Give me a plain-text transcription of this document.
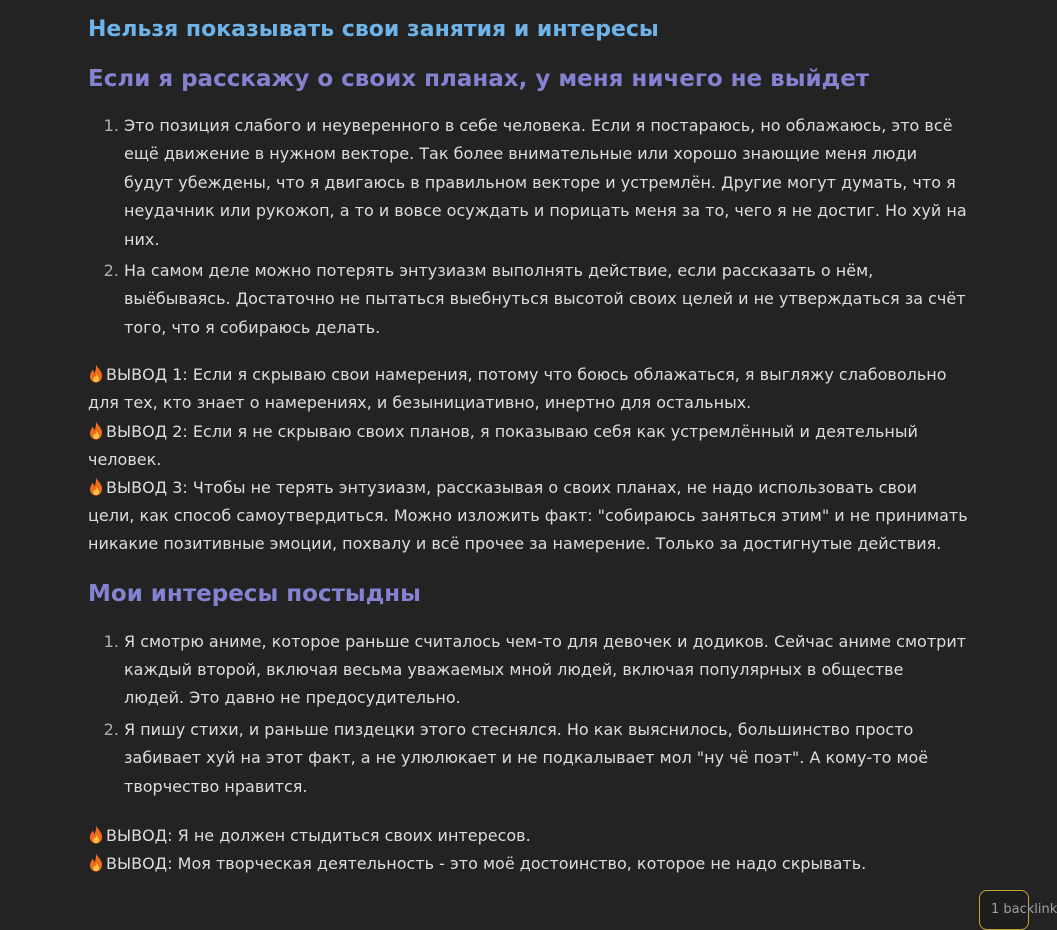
Нельзя показывать свои занятия и интересы
Если я расскажу о своих планах, у меня ничего не выйдет
1. Это позиция слабого и неуверенного в себе человека. Если я постараюсь, но облажаюсь, это всё ещё движение в нужном векторе. Так более внимательные или хорошо знающие меня люди будут убеждены, что я двигаюсь в правильном векторе и устремлён. Другие могут думать, что я неудачник или рукожоп, а то и вовсе осуждать и порицать меня за то, чего я не достиг. Но хуй на них.
2. На самом деле можно потерять энтузиазм выполнять действие, если рассказать о нём, выёбываясь. Достаточно не пытаться выебнуться высотой своих целей и не утверждаться за счёт того, что я собираюсь делать.
ВЫВОД 1: Если я скрываю свои намерения, потому что боюсь облажаться, я выгляжу слабовольно для тех, кто знает о намерениях, и безынициативно, инертно для остальных.
ВЫВОД 2: Если я не скрываю своих планов, я показываю себя как устремлённый и деятельный человек.
ВЫВОД 3: Чтобы не терять энтузиазм, рассказывая о своих планах, не надо использовать свои цели, как способ самоутвердиться. Можно изложить факт: "собираюсь заняться этим" и не принимать никакие позитивные эмоции, похвалу и всё прочее за намерение. Только за достигнутые действия.
Мои интересы постыдны
1. Я смотрю аниме, которое раньше считалось чем-то для девочек и додиков. Сейчас аниме смотрит каждый второй, включая весьма уважаемых мной людей, включая популярных в обществе людей. Это давно не предосудительно.
2. Я пишу стихи, и раньше пиздецки этого стеснялся. Но как выяснилось, большинство просто забивает хуй на этот факт, а не улюлюкает и не подкалывает мол "ну чё поэт". А кому-то моё творчество нравится.
ВЫВОД: Я не должен стыдиться своих интересов.
ВЫВОД: Моя творческая деятельность - это моё достоинство, которое не надо скрывать.
1 backlink
